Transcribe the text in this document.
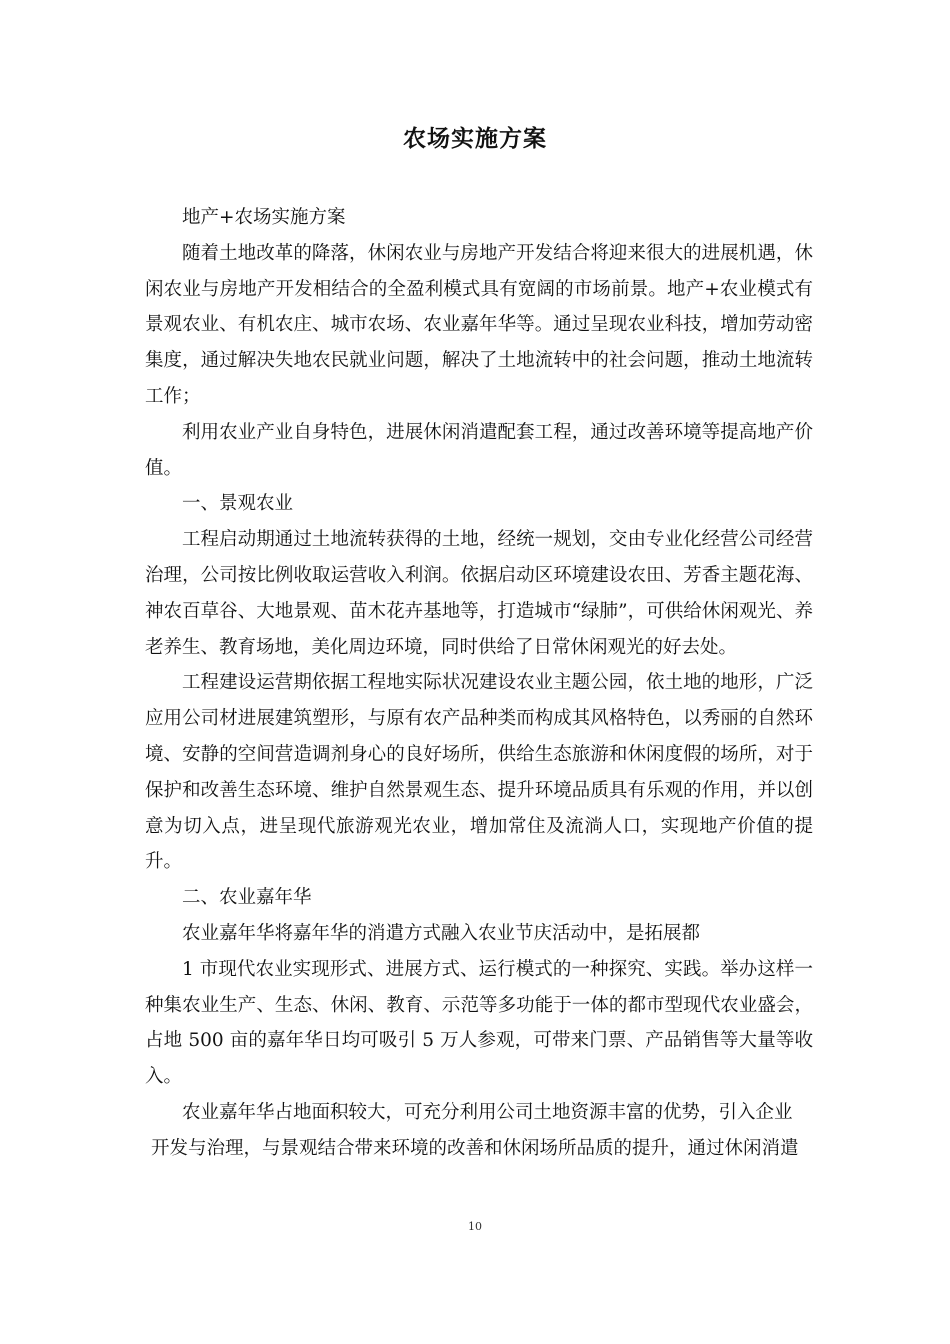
农场实施方案

地产+农场实施方案

随着土地改革的降落，休闲农业与房地产开发结合将迎来很大的进展机遇，休闲农业与房地产开发相结合的全盈利模式具有宽阔的市场前景。地产+农业模式有景观农业、有机农庄、城市农场、农业嘉年华等。通过呈现农业科技，增加劳动密集度，通过解决失地农民就业问题，解决了土地流转中的社会问题，推动土地流转工作；

利用农业产业自身特色，进展休闲消遣配套工程，通过改善环境等提高地产价值。

一、景观农业

工程启动期通过土地流转获得的土地，经统一规划，交由专业化经营公司经营治理，公司按比例收取运营收入利润。依据启动区环境建设农田、芳香主题花海、神农百草谷、大地景观、苗木花卉基地等，打造城市“绿肺”，可供给休闲观光、养老养生、教育场地，美化周边环境，同时供给了日常休闲观光的好去处。

工程建设运营期依据工程地实际状况建设农业主题公园，依土地的地形，广泛应用公司材进展建筑塑形，与原有农产品种类而构成其风格特色，以秀丽的自然环境、安静的空间营造调剂身心的良好场所，供给生态旅游和休闲度假的场所，对于保护和改善生态环境、维护自然景观生态、提升环境品质具有乐观的作用，并以创意为切入点，进呈现代旅游观光农业，增加常住及流淌人口，实现地产价值的提升。

二、农业嘉年华

农业嘉年华将嘉年华的消遣方式融入农业节庆活动中，是拓展都

1 市现代农业实现形式、进展方式、运行模式的一种探究、实践。举办这样一种集农业生产、生态、休闲、教育、示范等多功能于一体的都市型现代农业盛会，占地 500 亩的嘉年华日均可吸引 5 万人参观，可带来门票、产品销售等大量等收入。

农业嘉年华占地面积较大，可充分利用公司土地资源丰富的优势，引入企业

开发与治理，与景观结合带来环境的改善和休闲场所品质的提升，通过休闲消遣

10
